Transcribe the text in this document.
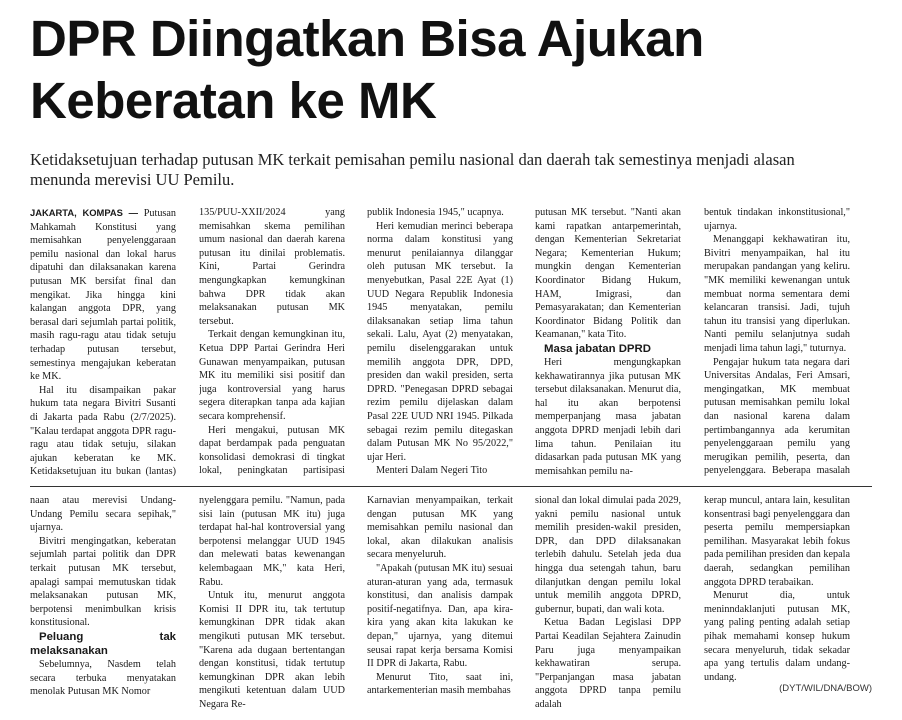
DPR Diingatkan Bisa Ajukan Keberatan ke MK

Ketidaksetujuan terhadap putusan MK terkait pemisahan pemilu nasional dan daerah tak semestinya menjadi alasan menunda merevisi UU Pemilu.

JAKARTA, KOMPAS — Putusan Mahkamah Konstitusi yang memisahkan penyelenggaraan pemilu nasional dan lokal harus dipatuhi dan dilaksanakan karena putusan MK bersifat final dan mengikat. Jika hingga kini kalangan anggota DPR, yang berasal dari sejumlah partai politik, masih ragu-ragu atau tidak setuju terhadap putusan tersebut, semestinya mengajukan keberatan ke MK.

Hal itu disampaikan pakar hukum tata negara Bivitri Susanti di Jakarta pada Rabu (2/7/2025). "Kalau terdapat anggota DPR ragu-ragu atau tidak setuju, silakan ajukan keberatan ke MK. Ketidaksetujuan itu bukan (lantas)

135/PUU-XXII/2024 yang memisahkan skema pemilihan umum nasional dan daerah karena putusan itu dinilai problematis. Kini, Partai Gerindra mengungkapkan kemungkinan bahwa DPR tidak akan melaksanakan putusan MK tersebut.

Terkait dengan kemungkinan itu, Ketua DPP Partai Gerindra Heri Gunawan menyampaikan, putusan MK itu memiliki sisi positif dan juga kontroversial yang harus segera diterapkan tanpa ada kajian secara komprehensif.

Heri mengakui, putusan MK dapat berdampak pada penguatan konsolidasi demokrasi di tingkat lokal, peningkatan partisipasi

publik Indonesia 1945," ucapnya.

Heri kemudian merinci beberapa norma dalam konstitusi yang menurut penilaiannya dilanggar oleh putusan MK tersebut. Ia menyebutkan, Pasal 22E Ayat (1) UUD Negara Republik Indonesia 1945 menyatakan, pemilu dilaksanakan setiap lima tahun sekali. Lalu, Ayat (2) menyatakan, pemilu diselenggarakan untuk memilih anggota DPR, DPD, presiden dan wakil presiden, serta DPRD. "Penegasan DPRD sebagai rezim pemilu dijelaskan dalam Pasal 22E UUD NRI 1945. Pilkada sebagai rezim pemilu ditegaskan dalam Putusan MK No 95/2022," ujar Heri.

Menteri Dalam Negeri Tito

putusan MK tersebut. "Nanti akan kami rapatkan antarpemerintah, dengan Kementerian Sekretariat Negara; Kementerian Hukum; mungkin dengan Kementerian Koordinator Bidang Hukum, HAM, Imigrasi, dan Pemasyarakatan; dan Kementerian Koordinator Bidang Politik dan Keamanan," kata Tito.

Masa jabatan DPRD

Heri mengungkapkan kekhawatirannya jika putusan MK tersebut dilaksanakan. Menurut dia, hal itu akan berpotensi memperpanjang masa jabatan anggota DPRD menjadi lebih dari lima tahun. Penilaian itu didasarkan pada putusan MK yang memisahkan pemilu na-

bentuk tindakan inkonstitusional," ujarnya.

Menanggapi kekhawatiran itu, Bivitri menyampaikan, hal itu merupakan pandangan yang keliru. "MK memiliki kewenangan untuk membuat norma sementara demi kelancaran transisi. Jadi, tujuh tahun itu transisi yang diperlukan. Nanti pemilu selanjutnya sudah menjadi lima tahun lagi," tuturnya.

Pengajar hukum tata negara dari Universitas Andalas, Feri Amsari, mengingatkan, MK membuat putusan memisahkan pemilu lokal dan nasional karena dalam pertimbangannya ada kerumitan penyelenggaraan pemilu yang merugikan pemilih, peserta, dan penyelenggara. Beberapa masalah

naan atau merevisi Undang-Undang Pemilu secara sepihak," ujarnya.

Bivitri mengingatkan, keberatan sejumlah partai politik dan DPR terkait putusan MK tersebut, apalagi sampai memutuskan tidak melaksanakan putusan MK, berpotensi menimbulkan krisis konstitusional.

Peluang tak melaksanakan

Sebelumnya, Nasdem telah secara terbuka menyatakan menolak Putusan MK Nomor

nyelenggara pemilu. "Namun, pada sisi lain (putusan MK itu) juga terdapat hal-hal kontroversial yang berpotensi melanggar UUD 1945 dan melewati batas kewenangan kelembagaan MK," kata Heri, Rabu.

Untuk itu, menurut anggota Komisi II DPR itu, tak tertutup kemungkinan DPR tidak akan mengikuti putusan MK tersebut. "Karena ada dugaan bertentangan dengan konstitusi, tidak tertutup kemungkinan DPR akan lebih mengikuti ketentuan dalam UUD Negara Re-

Karnavian menyampaikan, terkait dengan putusan MK yang memisahkan pemilu nasional dan lokal, akan dilakukan analisis secara menyeluruh.

"Apakah (putusan MK itu) sesuai aturan-aturan yang ada, termasuk konstitusi, dan analisis dampak positif-negatifnya. Dan, apa kira-kira yang akan kita lakukan ke depan," ujarnya, yang ditemui seusai rapat kerja bersama Komisi II DPR di Jakarta, Rabu.

Menurut Tito, saat ini, antarkementerian masih membahas

sional dan lokal dimulai pada 2029, yakni pemilu nasional untuk memilih presiden-wakil presiden, DPR, dan DPD dilaksanakan terlebih dahulu. Setelah jeda dua hingga dua setengah tahun, baru dilanjutkan dengan pemilu lokal untuk memilih anggota DPRD, gubernur, bupati, dan wali kota.

Ketua Badan Legislasi DPP Partai Keadilan Sejahtera Zainudin Paru juga menyampaikan kekhawatiran serupa. "Perpanjangan masa jabatan anggota DPRD tanpa pemilu adalah

kerap muncul, antara lain, kesulitan konsentrasi bagi penyelenggara dan peserta pemilu mempersiapkan pemilihan. Masyarakat lebih fokus pada pemilihan presiden dan kepala daerah, sedangkan pemilihan anggota DPRD terabaikan.

Menurut dia, untuk meninndaklanjuti putusan MK, yang paling penting adalah setiap pihak memahami konsep hukum secara menyeluruh, tidak sekadar apa yang tertulis dalam undang-undang.

(DYT/WIL/DNA/BOW)
